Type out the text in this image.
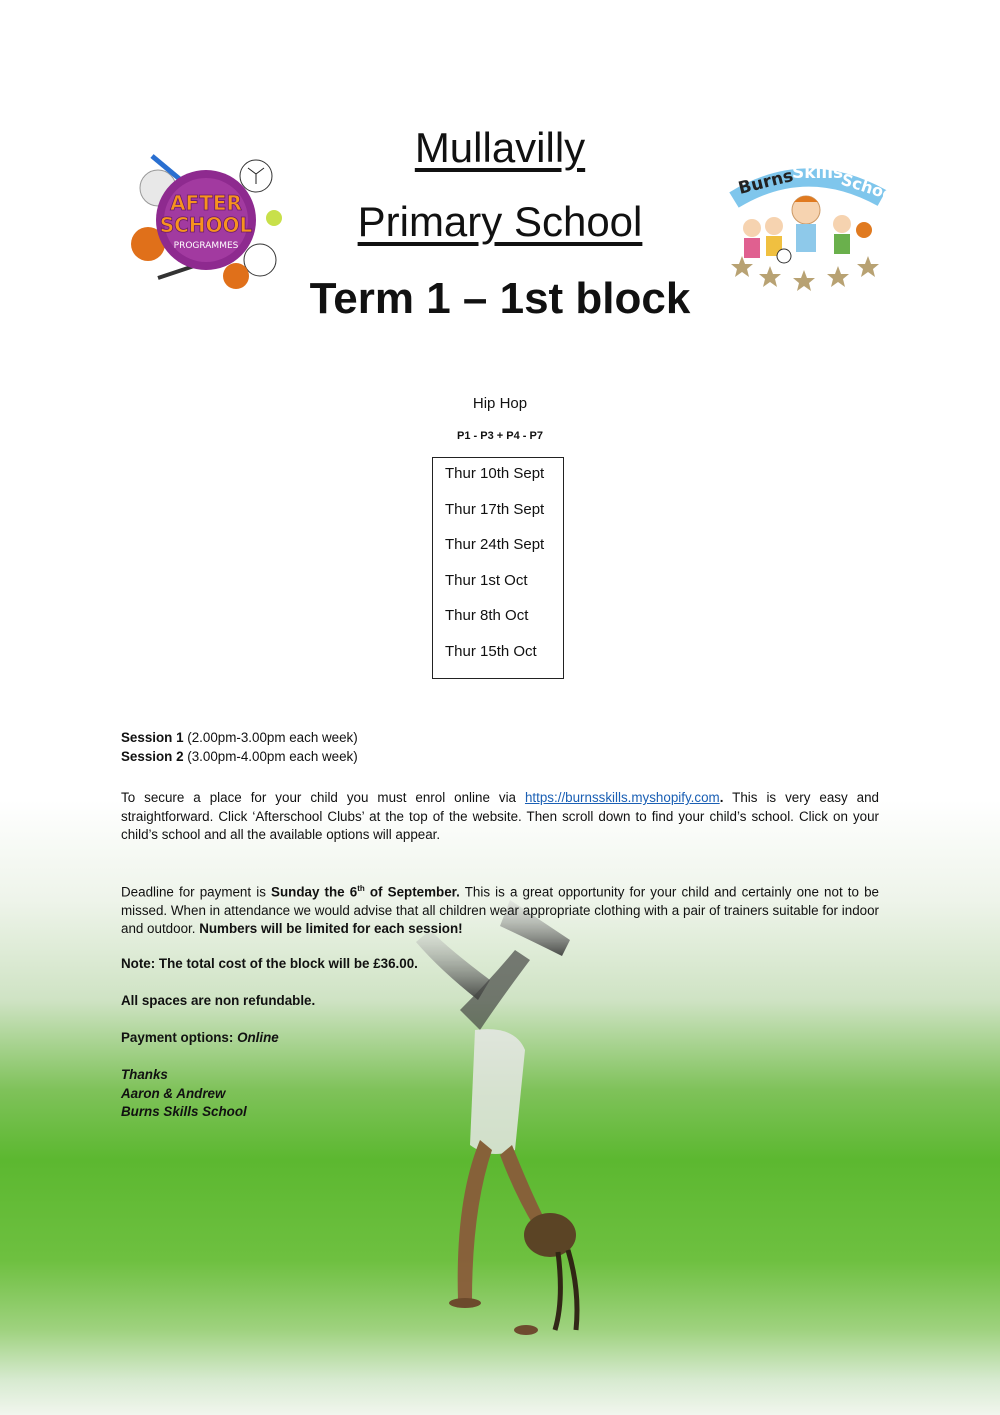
AFTER
SCHOOL
PROGRAMMES
Mullavilly
Primary School
Term 1 – 1st block
Burns
Skills
School
Hip Hop
P1 - P3 + P4 - P7
Thur 10th Sept
Thur 17th Sept
Thur 24th Sept
Thur 1st Oct
Thur 8th Oct
Thur 15th Oct
Session 1 (2.00pm-3.00pm each week)
Session 2 (3.00pm-4.00pm each week)
To secure a place for your child you must enrol online via https://burnsskills.myshopify.com. This is very easy and straightforward. Click ‘Afterschool Clubs’ at the top of the website. Then scroll down to find your child’s school. Click on your child’s school and all the available options will appear.
Deadline for payment is Sunday the 6th of September. This is a great opportunity for your child and certainly one not to be missed. When in attendance we would advise that all children wear appropriate clothing with a pair of trainers suitable for indoor and outdoor. Numbers will be limited for each session!
Note: The total cost of the block will be £36.00.
All spaces are non refundable.
Payment options: Online
Thanks
Aaron & Andrew
Burns Skills School
